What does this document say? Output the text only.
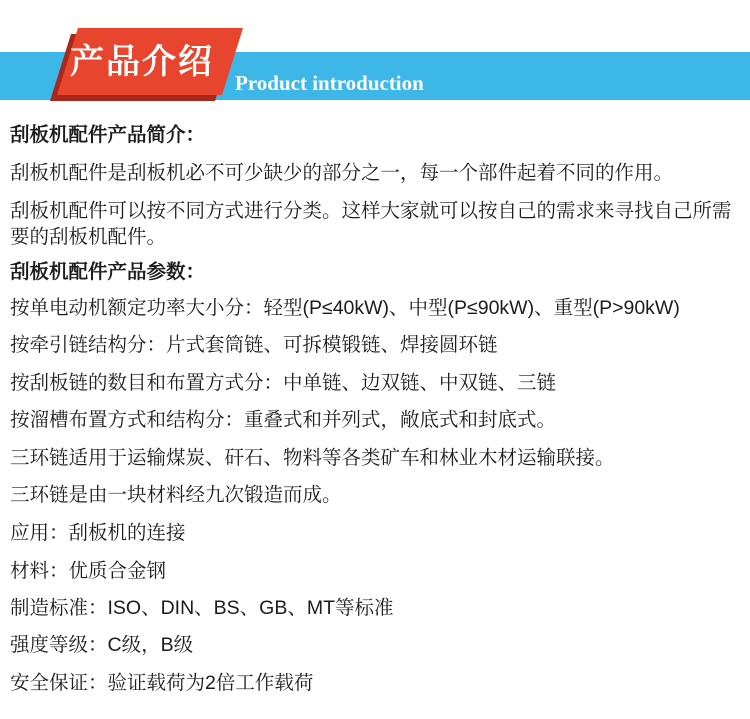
产品介绍
Product introduction
刮板机配件产品简介：
刮板机配件是刮板机必不可少缺少的部分之一，每一个部件起着不同的作用。
刮板机配件可以按不同方式进行分类。这样大家就可以按自己的需求来寻找自己所需
要的刮板机配件。
刮板机配件产品参数：
按单电动机额定功率大小分：轻型(P≤40kW)、中型(P≤90kW)、重型(P>90kW)
按牵引链结构分：片式套筒链、可拆模锻链、焊接圆环链
按刮板链的数目和布置方式分：中单链、边双链、中双链、三链
按溜槽布置方式和结构分：重叠式和并列式，敞底式和封底式。
三环链适用于运输煤炭、矸石、物料等各类矿车和林业木材运输联接。
三环链是由一块材料经九次锻造而成。
应用：刮板机的连接
材料：优质合金钢
制造标准：ISO、DIN、BS、GB、MT等标准
强度等级：C级，B级
安全保证：验证载荷为2倍工作载荷
